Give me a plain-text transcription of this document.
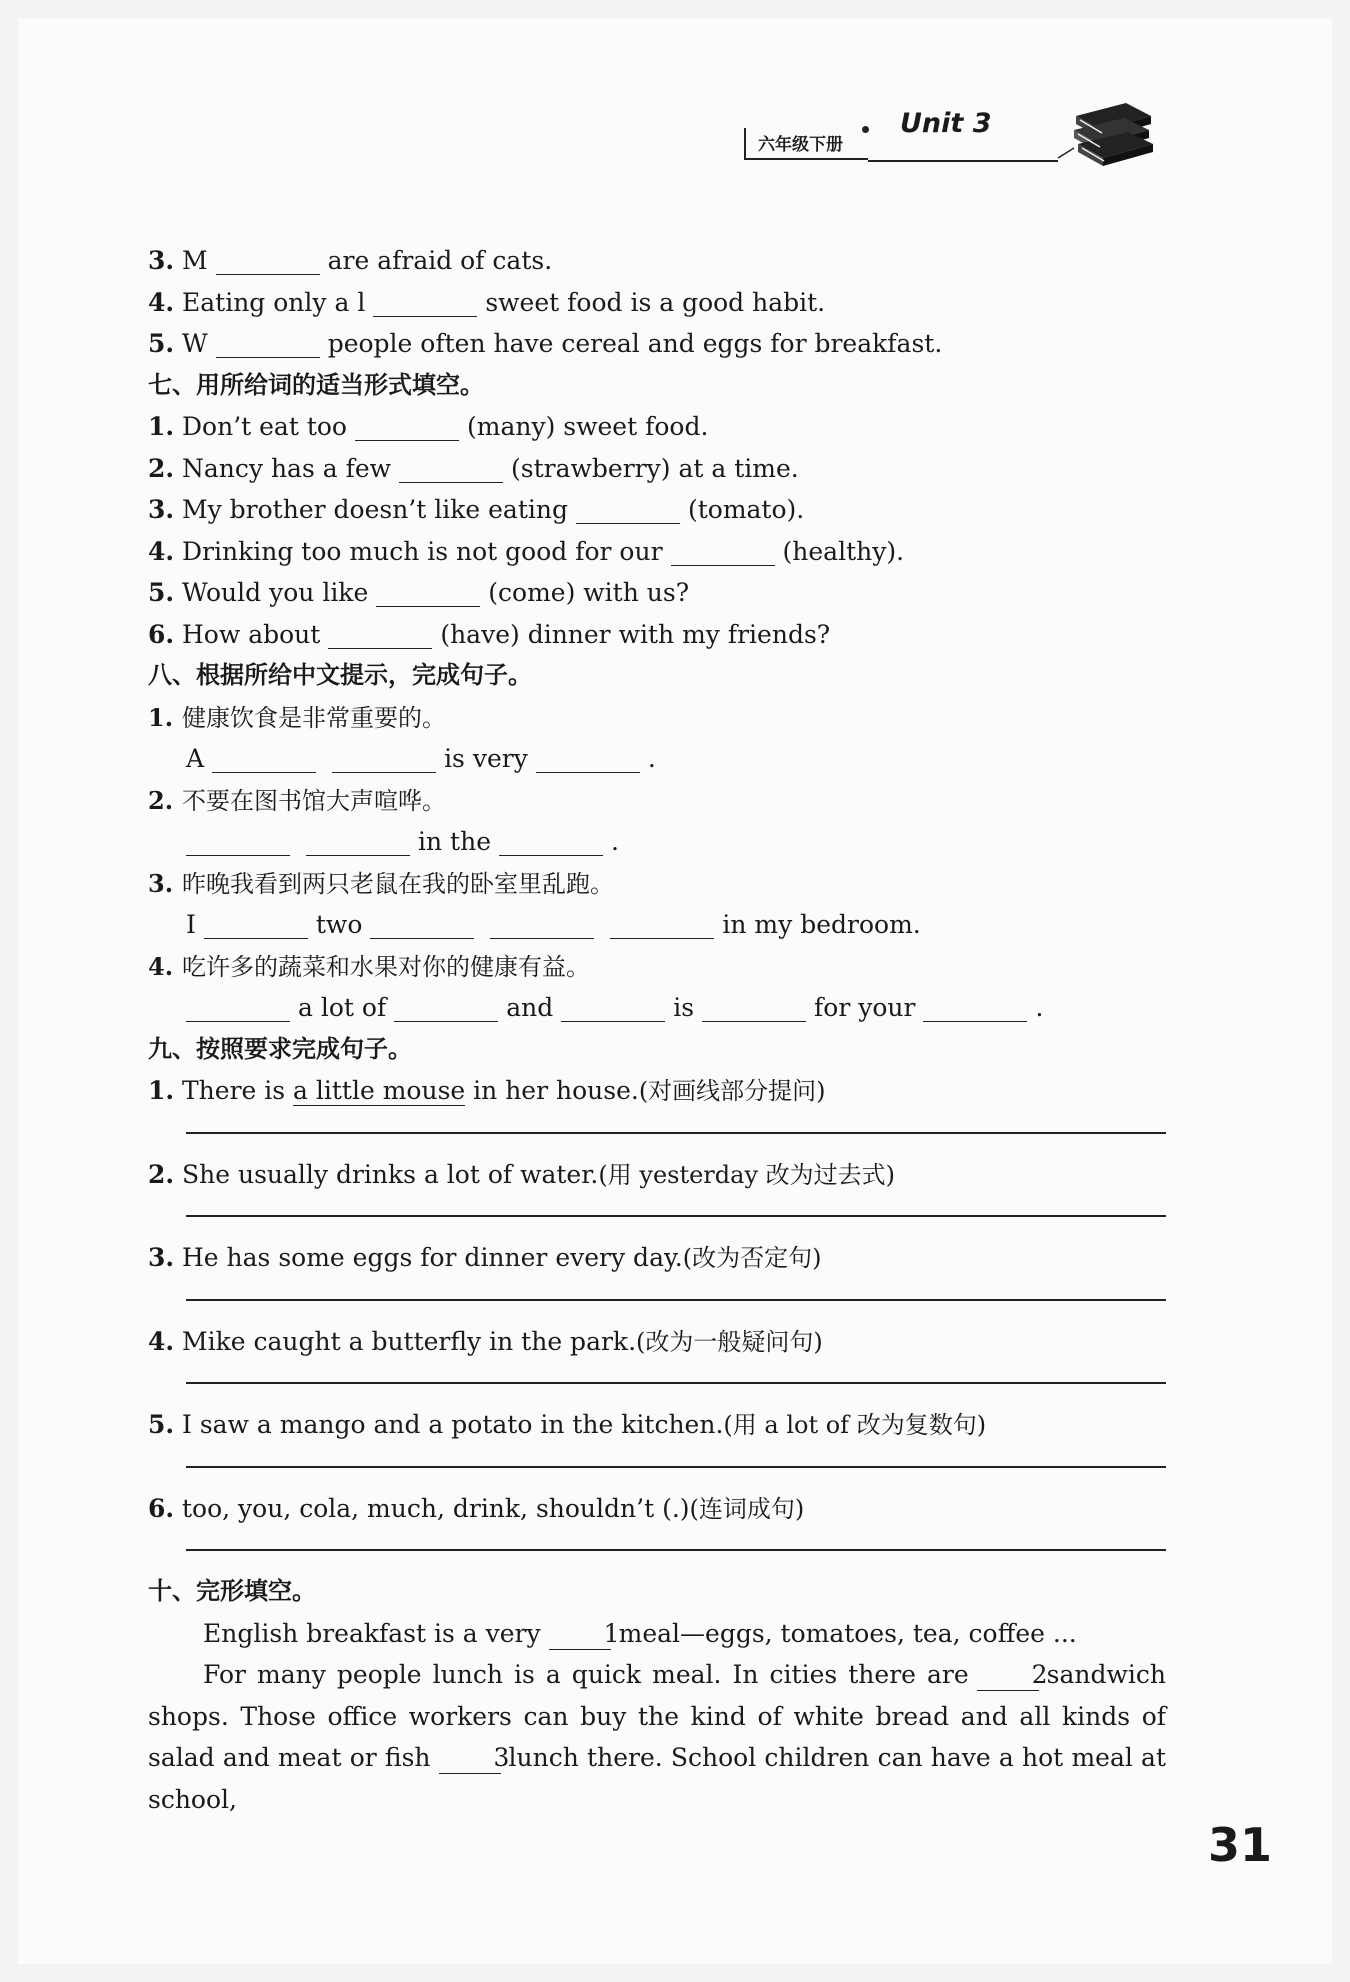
六年级下册
Unit 3
3. M	are afraid of cats.
4. Eating only a l	sweet food is a good habit.
5. W	people often have cereal and eggs for breakfast.
七、用所给词的适当形式填空。
1. Don’t eat too	(many) sweet food.
2. Nancy has a few	(strawberry) at a time.
3. My brother doesn’t like eating	(tomato).
4. Drinking too much is not good for our	(healthy).
5. Would you like	(come) with us?
6. How about	(have) dinner with my friends?
八、根据所给中文提示，完成句子。
1. 健康饮食是非常重要的。
A	is very	.
2. 不要在图书馆大声喧哗。
in the	.
3. 昨晚我看到两只老鼠在我的卧室里乱跑。
I	two	in my bedroom.
4. 吃许多的蔬菜和水果对你的健康有益。
a lot of	and	is	for your	.
九、按照要求完成句子。
1. There is a little mouse in her house.(对画线部分提问)
2. She usually drinks a lot of water.(用 yesterday 改为过去式)
3. He has some eggs for dinner every day.(改为否定句)
4. Mike caught a butterfly in the park.(改为一般疑问句)
5. I saw a mango and a potato in the kitchen.(用 a lot of 改为复数句)
6. too, you, cola, much, drink, shouldn’t (.)(连词成句)
十、完形填空。
English breakfast is a very	1meal—eggs, tomatoes, tea, coffee ...
For many people lunch is a quick meal. In cities there are	2sandwich shops. Those office workers can buy the kind of white bread and all kinds of salad and meat or fish	3lunch there. School children can have a hot meal at school,
31
